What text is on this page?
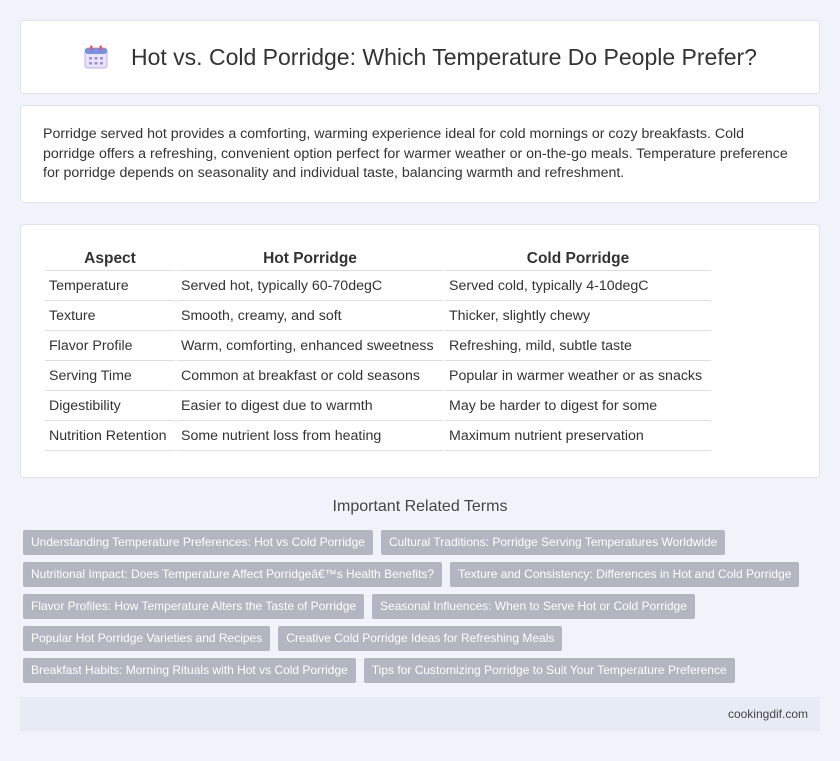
Hot vs. Cold Porridge: Which Temperature Do People Prefer?

Porridge served hot provides a comforting, warming experience ideal for cold mornings or cozy breakfasts. Cold porridge offers a refreshing, convenient option perfect for warmer weather or on-the-go meals. Temperature preference for porridge depends on seasonality and individual taste, balancing warmth and refreshment.

Aspect	Hot Porridge	Cold Porridge
Temperature	Served hot, typically 60-70degC	Served cold, typically 4-10degC
Texture	Smooth, creamy, and soft	Thicker, slightly chewy
Flavor Profile	Warm, comforting, enhanced sweetness	Refreshing, mild, subtle taste
Serving Time	Common at breakfast or cold seasons	Popular in warmer weather or as snacks
Digestibility	Easier to digest due to warmth	May be harder to digest for some
Nutrition Retention	Some nutrient loss from heating	Maximum nutrient preservation
Important Related Terms
Understanding Temperature Preferences: Hot vs Cold Porridge	Cultural Traditions: Porridge Serving Temperatures Worldwide
Nutritional Impact: Does Temperature Affect Porridgeâ€™s Health Benefits?	Texture and Consistency: Differences in Hot and Cold Porridge
Flavor Profiles: How Temperature Alters the Taste of Porridge	Seasonal Influences: When to Serve Hot or Cold Porridge
Popular Hot Porridge Varieties and Recipes	Creative Cold Porridge Ideas for Refreshing Meals
Breakfast Habits: Morning Rituals with Hot vs Cold Porridge	Tips for Customizing Porridge to Suit Your Temperature Preference
cookingdif.com
